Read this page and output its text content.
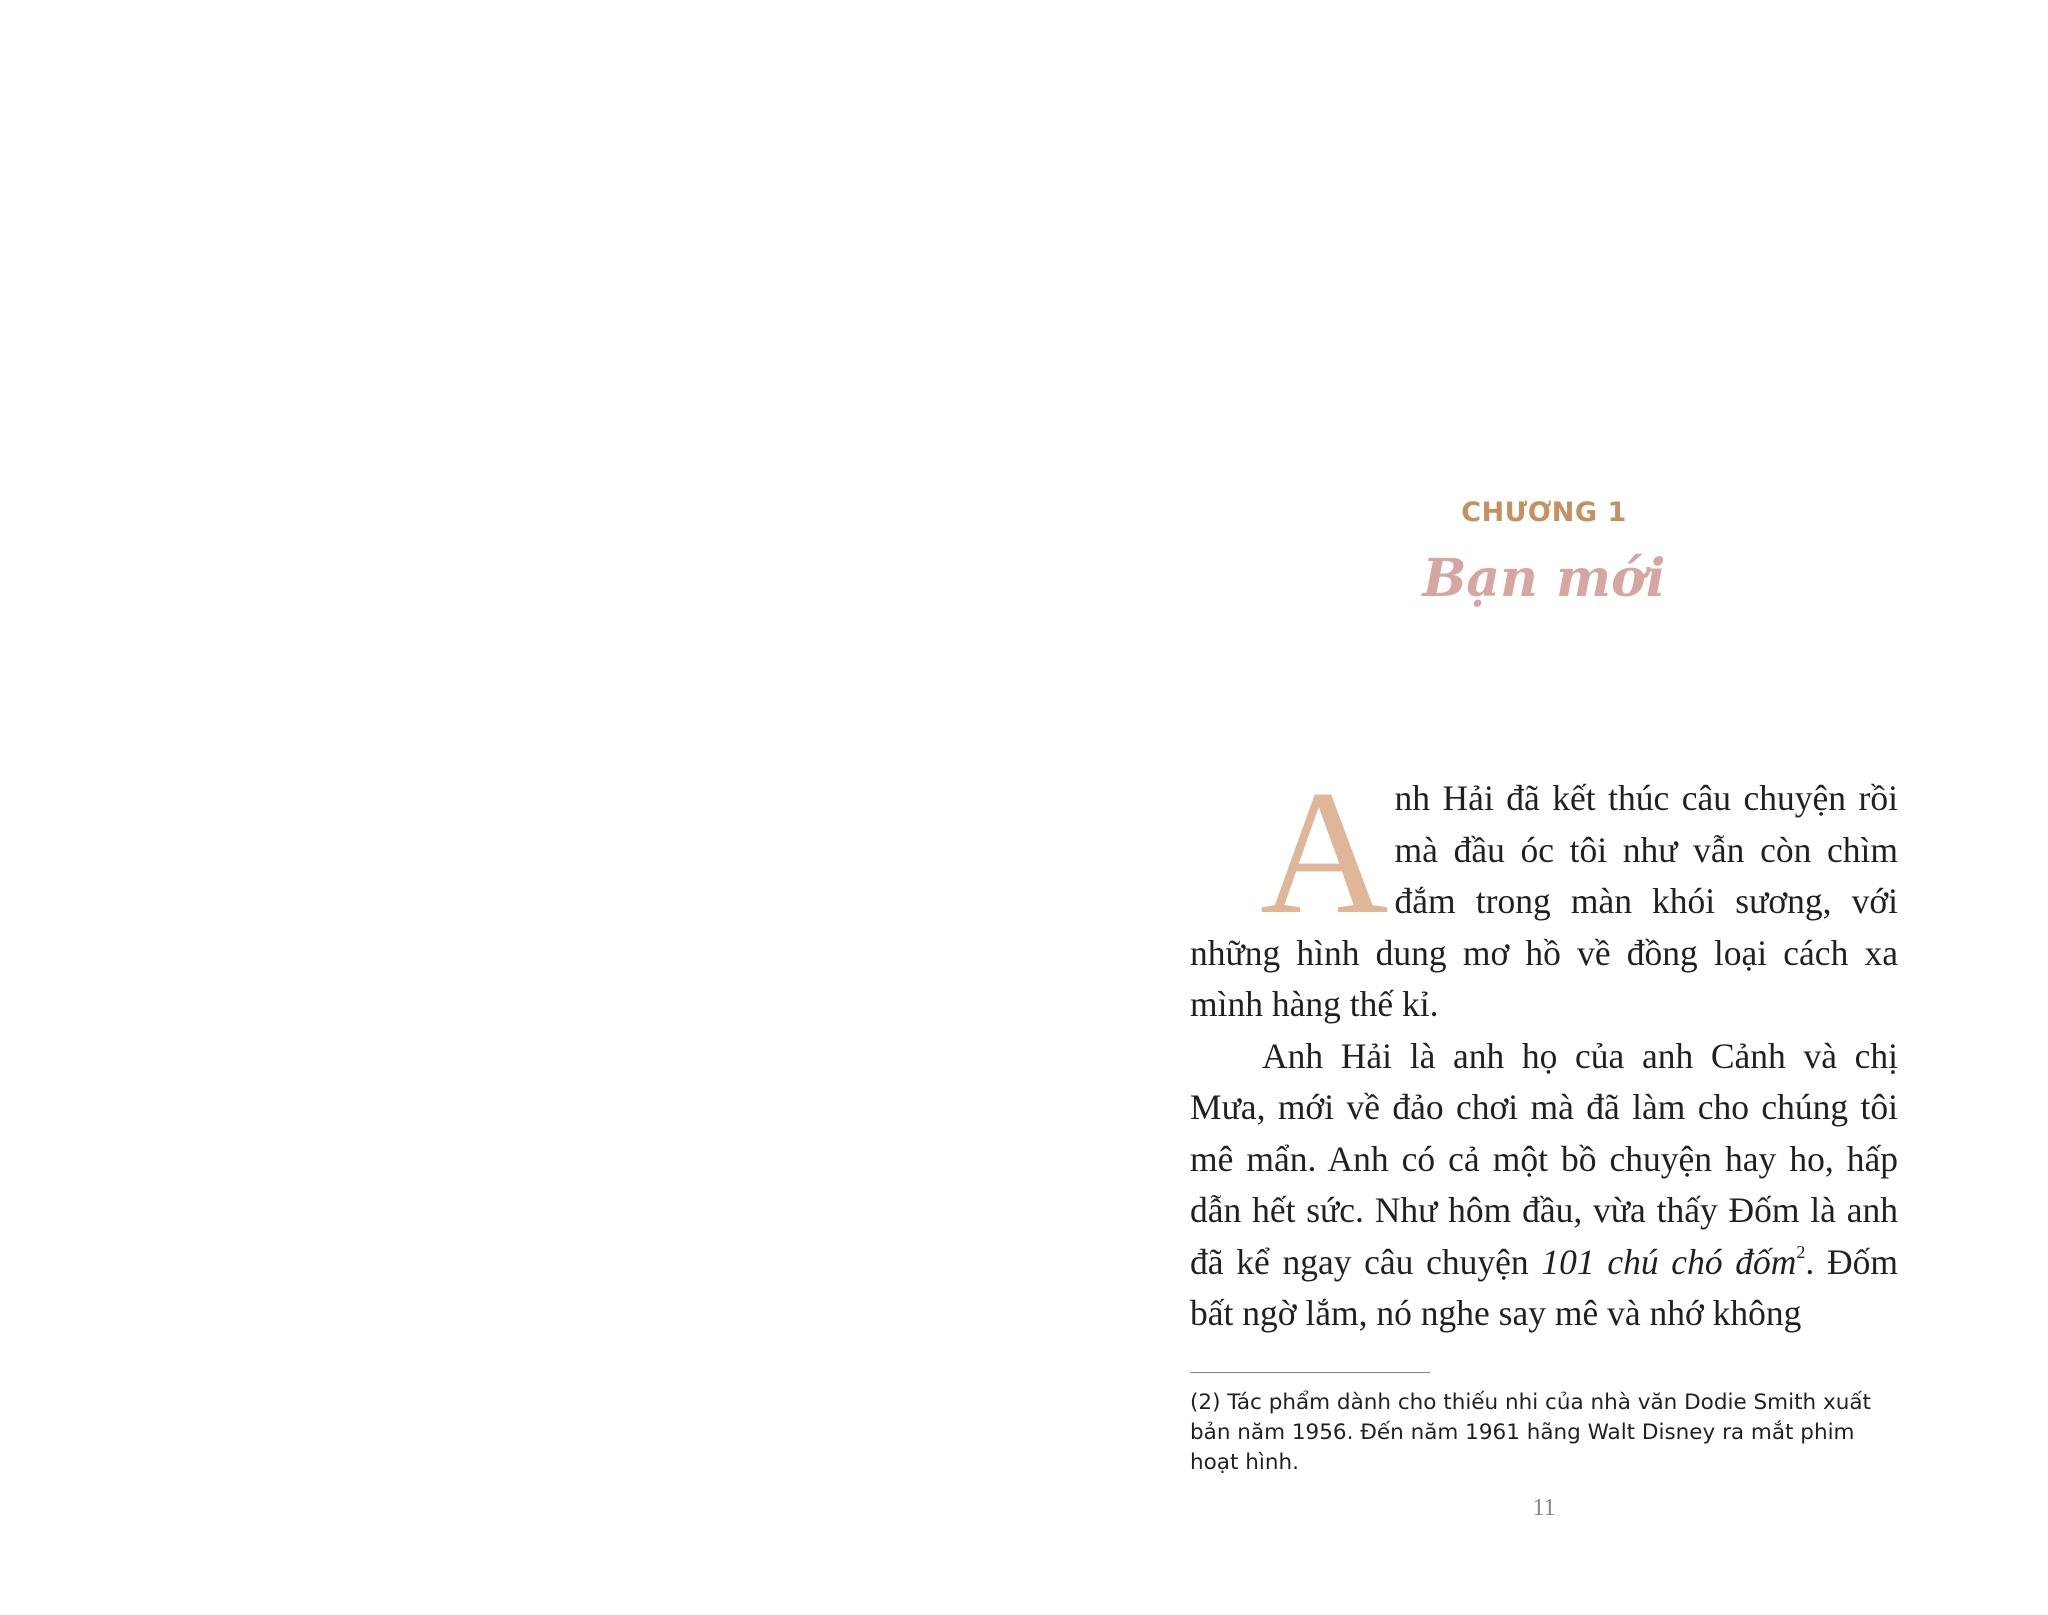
CHƯƠNG 1
Bạn mới

Anh Hải đã kết thúc câu chuyện rồi mà đầu óc tôi như vẫn còn chìm đắm trong màn khói sương, với những hình dung mơ hồ về đồng loại cách xa mình hàng thế kỉ.

Anh Hải là anh họ của anh Cảnh và chị Mưa, mới về đảo chơi mà đã làm cho chúng tôi mê mẩn. Anh có cả một bồ chuyện hay ho, hấp dẫn hết sức. Như hôm đầu, vừa thấy Đốm là anh đã kể ngay câu chuyện 101 chú chó đốm$^2$. Đốm bất ngờ lắm, nó nghe say mê và nhớ không

(2) Tác phẩm dành cho thiếu nhi của nhà văn Dodie Smith xuất bản năm 1956. Đến năm 1961 hãng Walt Disney ra mắt phim hoạt hình.
11
